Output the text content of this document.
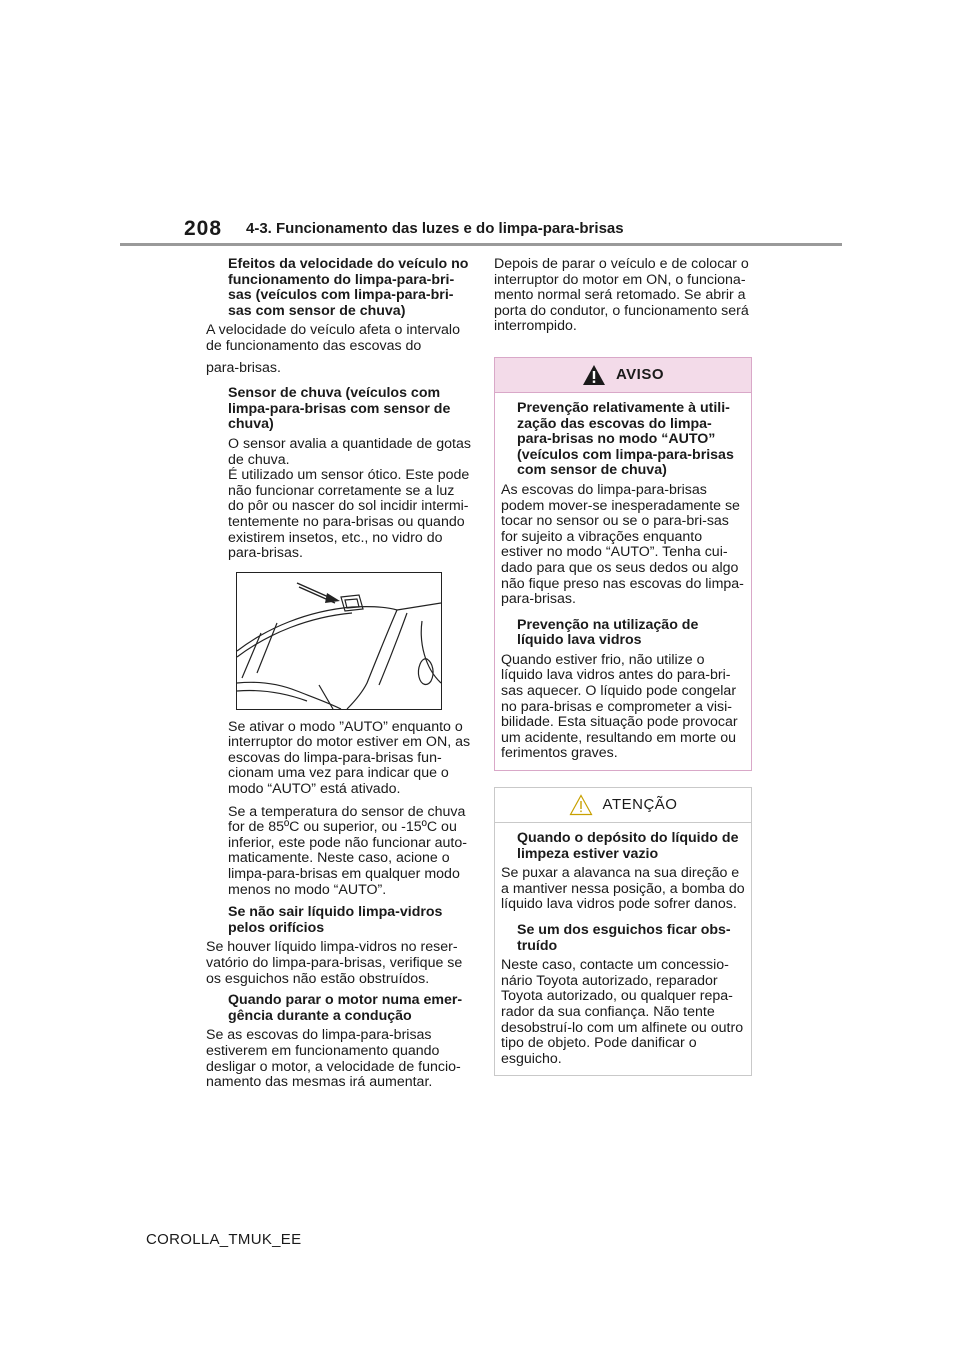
208 4-3. Funcionamento das luzes e do limpa-para-brisas
Efeitos da velocidade do veículo no funcionamento do limpa-para-bri-sas (veículos com limpa-para-bri-sas com sensor de chuva)
A velocidade do veículo afeta o intervalo de funcionamento das escovas do
para-brisas.
Sensor de chuva (veículos com limpa-para-brisas com sensor de chuva)
O sensor avalia a quantidade de gotas de chuva.
É utilizado um sensor ótico. Este pode não funcionar corretamente se a luz do pôr ou nascer do sol incidir intermi-tentemente no para-brisas ou quando existirem insetos, etc., no vidro do para-brisas.
Se ativar o modo ”AUTO” enquanto o interruptor do motor estiver em ON, as escovas do limpa-para-brisas fun-cionam uma vez para indicar que o modo “AUTO” está ativado.
Se a temperatura do sensor de chuva for de 85ºC ou superior, ou -15ºC ou inferior, este pode não funcionar auto-maticamente. Neste caso, acione o limpa-para-brisas em qualquer modo menos no modo “AUTO”.
Se não sair líquido limpa-vidros pelos orifícios
Se houver líquido limpa-vidros no reser-vatório do limpa-para-brisas, verifique se os esguichos não estão obstruídos.
Quando parar o motor numa emer-gência durante a condução
Se as escovas do limpa-para-brisas estiverem em funcionamento quando desligar o motor, a velocidade de funcio-namento das mesmas irá aumentar.
Depois de parar o veículo e de colocar o interruptor do motor em ON, o funciona-mento normal será retomado. Se abrir a porta do condutor, o funcionamento será interrompido.
AVISO
Prevenção relativamente à utili-zação das escovas do limpa-para-brisas no modo “AUTO” (veículos com limpa-para-brisas com sensor de chuva)
As escovas do limpa-para-brisas podem mover-se inesperadamente se tocar no sensor ou se o para-bri-sas for sujeito a vibrações enquanto estiver no modo “AUTO”. Tenha cui-dado para que os seus dedos ou algo não fique preso nas escovas do limpa-para-brisas.
Prevenção na utilização de líquido lava vidros
Quando estiver frio, não utilize o líquido lava vidros antes do para-bri-sas aquecer. O líquido pode congelar no para-brisas e comprometer a visi-bilidade. Esta situação pode provocar um acidente, resultando em morte ou ferimentos graves.
ATENÇÃO
Quando o depósito do líquido de limpeza estiver vazio
Se puxar a alavanca na sua direção e a mantiver nessa posição, a bomba do líquido lava vidros pode sofrer danos.
Se um dos esguichos ficar obs-truído
Neste caso, contacte um concessio-nário Toyota autorizado, reparador Toyota autorizado, ou qualquer repa-rador da sua confiança. Não tente desobstruí-lo com um alfinete ou outro tipo de objeto. Pode danificar o esguicho.
COROLLA_TMUK_EE
